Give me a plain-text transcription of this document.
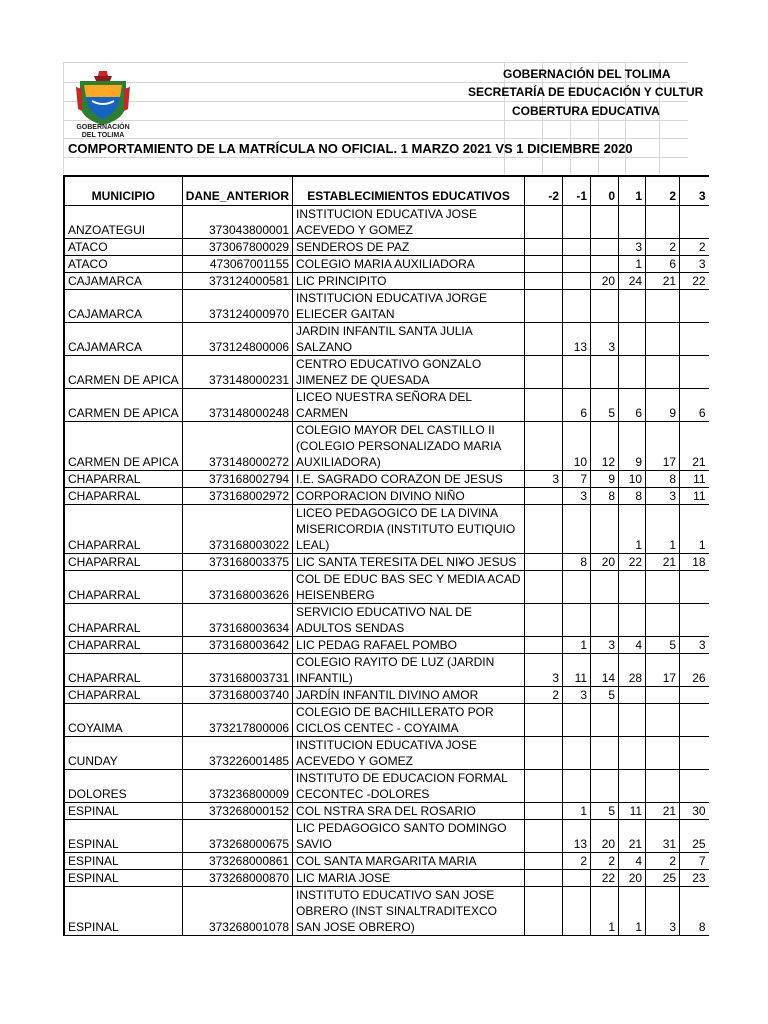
GOBERNACIÓN DEL TOLIMA
GOBERNACIÓN DEL TOLIMA
SECRETARÍA DE EDUCACIÓN Y CULTUR
COBERTURA EDUCATIVA
COMPORTAMIENTO DE LA MATRÍCULA NO OFICIAL. 1 MARZO 2021 VS 1 DICIEMBRE 2020
MUNICIPIO	DANE_ANTERIOR	ESTABLECIMIENTOS EDUCATIVOS	-2	-1	0	1	2	3
ANZOATEGUI	373043800001	INSTITUCION EDUCATIVA JOSE ACEVEDO Y GOMEZ						
ATACO	373067800029	SENDEROS DE PAZ				3	2	2
ATACO	473067001155	COLEGIO MARIA AUXILIADORA				1	6	3
CAJAMARCA	373124000581	LIC PRINCIPITO			20	24	21	22
CAJAMARCA	373124000970	INSTITUCION EDUCATIVA JORGE ELIECER GAITAN						
CAJAMARCA	373124800006	JARDIN INFANTIL SANTA JULIA SALZANO		13	3			
CARMEN DE APICA	373148000231	CENTRO EDUCATIVO GONZALO JIMENEZ DE QUESADA						
CARMEN DE APICA	373148000248	LICEO NUESTRA SEÑORA DEL CARMEN		6	5	6	9	6
CARMEN DE APICA	373148000272	COLEGIO MAYOR DEL CASTILLO II (COLEGIO PERSONALIZADO MARIA AUXILIADORA)		10	12	9	17	21
CHAPARRAL	373168002794	I.E. SAGRADO CORAZON DE JESUS	3	7	9	10	8	11
CHAPARRAL	373168002972	CORPORACION DIVINO NIÑO		3	8	8	3	11
CHAPARRAL	373168003022	LICEO PEDAGOGICO DE LA DIVINA MISERICORDIA (INSTITUTO EUTIQUIO LEAL)				1	1	1
CHAPARRAL	373168003375	LIC SANTA TERESITA DEL NI¥O JESUS		8	20	22	21	18
CHAPARRAL	373168003626	COL DE EDUC BAS SEC Y MEDIA ACAD HEISENBERG						
CHAPARRAL	373168003634	SERVICIO EDUCATIVO NAL DE ADULTOS SENDAS						
CHAPARRAL	373168003642	LIC PEDAG RAFAEL POMBO		1	3	4	5	3
CHAPARRAL	373168003731	COLEGIO RAYITO DE LUZ (JARDIN INFANTIL)	3	11	14	28	17	26
CHAPARRAL	373168003740	JARDÍN INFANTIL DIVINO AMOR	2	3	5			
COYAIMA	373217800006	COLEGIO DE BACHILLERATO POR CICLOS CENTEC - COYAIMA						
CUNDAY	373226001485	INSTITUCION EDUCATIVA JOSE ACEVEDO Y GOMEZ						
DOLORES	373236800009	INSTITUTO DE EDUCACION FORMAL CECONTEC -DOLORES						
ESPINAL	373268000152	COL NSTRA SRA DEL ROSARIO		1	5	11	21	30
ESPINAL	373268000675	LIC PEDAGOGICO SANTO DOMINGO SAVIO		13	20	21	31	25
ESPINAL	373268000861	COL SANTA MARGARITA MARIA		2	2	4	2	7
ESPINAL	373268000870	LIC MARIA JOSE			22	20	25	23
ESPINAL	373268001078	INSTITUTO EDUCATIVO SAN JOSE OBRERO (INST SINALTRADITEXCO SAN JOSE OBRERO)			1	1	3	8
